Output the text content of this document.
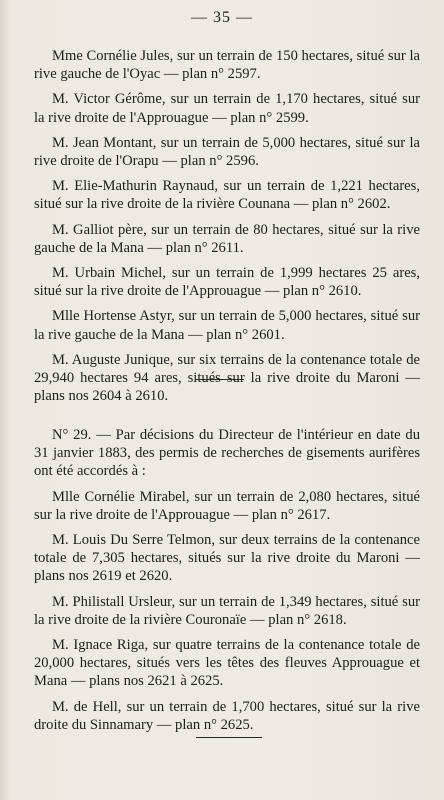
— 35 —

Mme Cornélie Jules, sur un terrain de 150 hectares, situé sur la rive gauche de l'Oyac — plan n° 2597.

M. Victor Gérôme, sur un terrain de 1,170 hectares, situé sur la rive droite de l'Approuague — plan n° 2599.

M. Jean Montant, sur un terrain de 5,000 hectares, situé sur la rive droite de l'Orapu — plan n° 2596.

M. Elie-Mathurin Raynaud, sur un terrain de 1,221 hectares, situé sur la rive droite de la rivière Counana — plan n° 2602.

M. Galliot père, sur un terrain de 80 hectares, situé sur la rive gauche de la Mana — plan n° 2611.

M. Urbain Michel, sur un terrain de 1,999 hectares 25 ares, situé sur la rive droite de l'Approuague — plan n° 2610.

Mlle Hortense Astyr, sur un terrain de 5,000 hectares, situé sur la rive gauche de la Mana — plan n° 2601.

M. Auguste Junique, sur six terrains de la contenance totale de 29,940 hectares 94 ares, situés sur la rive droite du Maroni — plans nos 2604 à 2610.

N° 29. — Par décisions du Directeur de l'intérieur en date du 31 janvier 1883, des permis de recherches de gisements aurifères ont été accordés à :

Mlle Cornélie Mirabel, sur un terrain de 2,080 hectares, situé sur la rive droite de l'Approuague — plan n° 2617.

M. Louis Du Serre Telmon, sur deux terrains de la contenance totale de 7,305 hectares, situés sur la rive droite du Maroni — plans nos 2619 et 2620.

M. Philistall Ursleur, sur un terrain de 1,349 hectares, situé sur la rive droite de la rivière Couronaïe — plan n° 2618.

M. Ignace Riga, sur quatre terrains de la contenance totale de 20,000 hectares, situés vers les têtes des fleuves Approuague et Mana — plans nos 2621 à 2625.

M. de Hell, sur un terrain de 1,700 hectares, situé sur la rive droite du Sinnamary — plan n° 2625.
